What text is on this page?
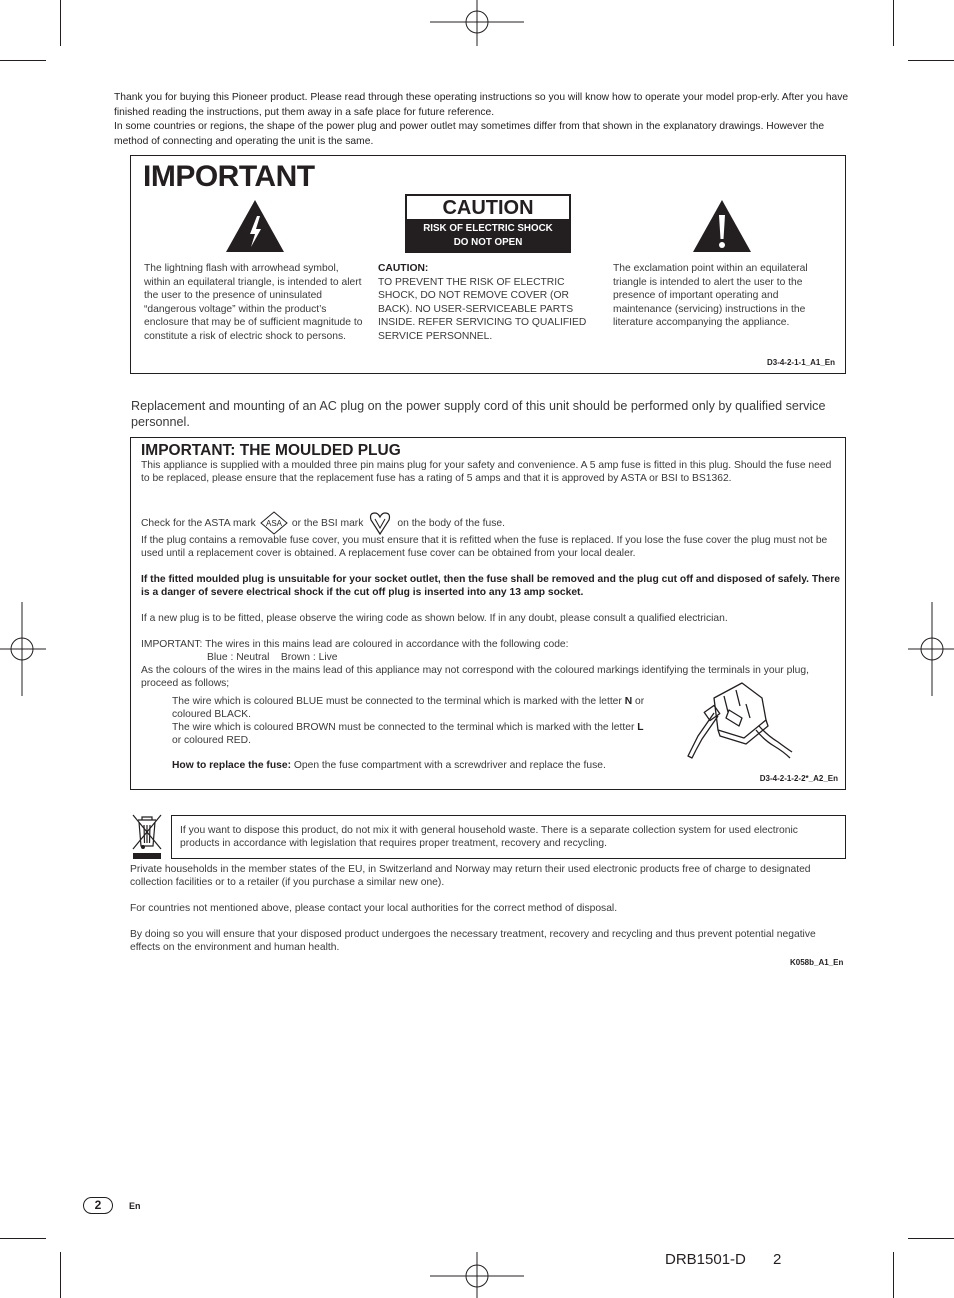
Thank you for buying this Pioneer product. Please read through these operating instructions so you will know how to operate your model prop-erly. After you have finished reading the instructions, put them away in a safe place for future reference.

In some countries or regions, the shape of the power plug and power outlet may sometimes differ from that shown in the explanatory drawings. However the method of connecting and operating the unit is the same.

IMPORTANT
CAUTION
RISK OF ELECTRIC SHOCK
DO NOT OPEN
The lightning flash with arrowhead symbol, within an equilateral triangle, is intended to alert the user to the presence of uninsulated “dangerous voltage” within the product’s enclosure that may be of sufficient magnitude to constitute a risk of electric shock to persons.
CAUTION:
TO PREVENT THE RISK OF ELECTRIC SHOCK, DO NOT REMOVE COVER (OR BACK). NO USER-SERVICEABLE PARTS INSIDE. REFER SERVICING TO QUALIFIED SERVICE PERSONNEL.
The exclamation point within an equilateral triangle is intended to alert the user to the presence of important operating and maintenance (servicing) instructions in the literature accompanying the appliance.
D3-4-2-1-1_A1_En
Replacement and mounting of an AC plug on the power supply cord of this unit should be performed only by qualified service personnel.
IMPORTANT: THE MOULDED PLUG

This appliance is supplied with a moulded three pin mains plug for your safety and convenience. A 5 amp fuse is fitted in this plug. Should the fuse need to be replaced, please ensure that the replacement fuse has a rating of 5 amps and that it is approved by ASTA or BSI to BS1362.

Check for the ASTA mark ASA or the BSI mark	on the body of the fuse.

If the plug contains a removable fuse cover, you must ensure that it is refitted when the fuse is replaced. If you lose the fuse cover the plug must not be used until a replacement cover is obtained. A replacement fuse cover can be obtained from your local dealer.

If the fitted moulded plug is unsuitable for your socket outlet, then the fuse shall be removed and the plug cut off and disposed of safely. There is a danger of severe electrical shock if the cut off plug is inserted into any 13 amp socket.

If a new plug is to be fitted, please observe the wiring code as shown below. If in any doubt, please consult a qualified electrician.

IMPORTANT: The wires in this mains lead are coloured in accordance with the following code:

Blue : Neutral    Brown : Live

As the colours of the wires in the mains lead of this appliance may not correspond with the coloured markings identifying the terminals in your plug, proceed as follows;

The wire which is coloured BLUE must be connected to the terminal which is marked with the letter N or coloured BLACK.

The wire which is coloured BROWN must be connected to the terminal which is marked with the letter L or coloured RED.

How to replace the fuse: Open the fuse compartment with a screwdriver and replace the fuse.

D3-4-2-1-2-2*_A2_En
If you want to dispose this product, do not mix it with general household waste. There is a separate collection system for used electronic products in accordance with legislation that requires proper treatment, recovery and recycling.

Private households in the member states of the EU, in Switzerland and Norway may return their used electronic products free of charge to designated collection facilities or to a retailer (if you purchase a similar new one).

For countries not mentioned above, please contact your local authorities for the correct method of disposal.

By doing so you will ensure that your disposed product undergoes the necessary treatment, recovery and recycling and thus prevent potential negative effects on the environment and human health.

K058b_A1_En
2	En
DRB1501-D 2
